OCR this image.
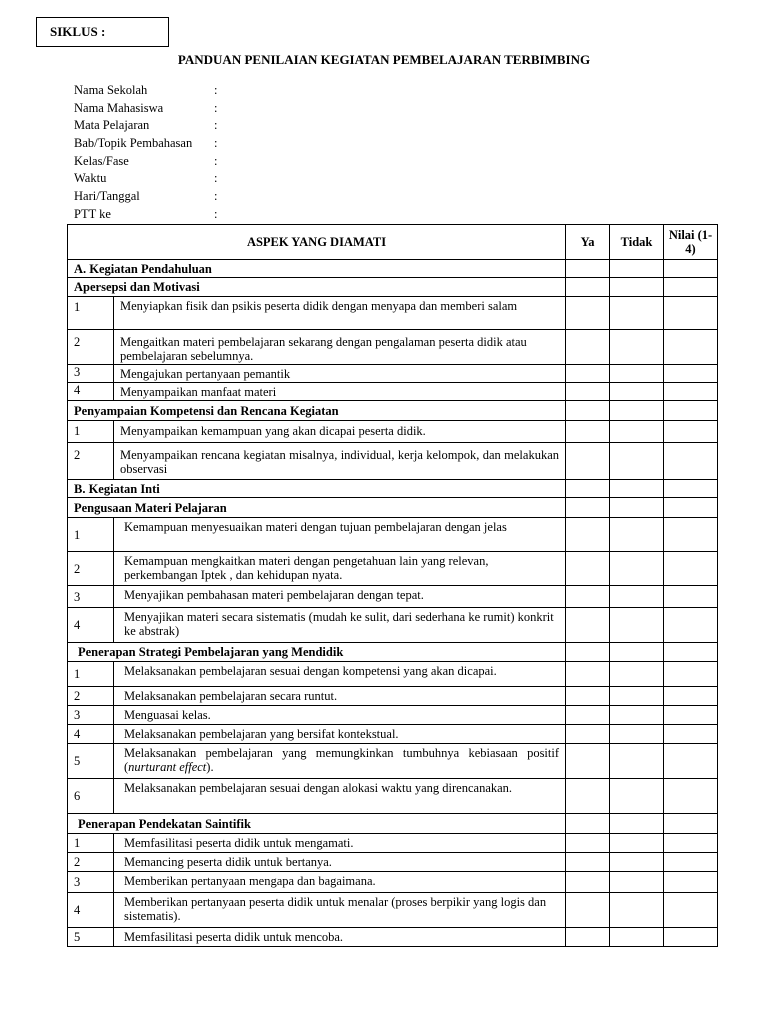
SIKLUS :
PANDUAN PENILAIAN KEGIATAN PEMBELAJARAN TERBIMBING
Nama Sekolah	:
Nama Mahasiswa	:
Mata Pelajaran	:
Bab/Topik Pembahasan :
Kelas/Fase	:
Waktu	:
Hari/Tanggal	:
PTT ke	:
ASPEK YANG DIAMATI		Ya	Tidak	Nilai (1-4)
A. Kegiatan Pendahuluan				
Apersepsi dan Motivasi				
1	Menyiapkan fisik dan psikis peserta didik dengan menyapa dan memberi salam			
2	Mengaitkan materi pembelajaran sekarang dengan pengalaman peserta didik atau pembelajaran sebelumnya.			
3	Mengajukan pertanyaan pemantik			
4	Menyampaikan manfaat materi			
Penyampaian Kompetensi dan Rencana Kegiatan				
1	Menyampaikan kemampuan yang akan dicapai peserta didik.			
2	Menyampaikan rencana kegiatan misalnya, individual, kerja kelompok, dan melakukan observasi			
B. Kegiatan Inti				
Pengusaan Materi Pelajaran				
1	Kemampuan menyesuaikan materi dengan tujuan pembelajaran dengan jelas			
2	Kemampuan mengkaitkan materi dengan pengetahuan lain yang relevan, perkembangan Iptek , dan kehidupan nyata.			
3	Menyajikan pembahasan materi pembelajaran dengan tepat.			
4	Menyajikan materi secara sistematis (mudah ke sulit, dari sederhana ke rumit) konkrit ke abstrak)			
Penerapan Strategi Pembelajaran yang Mendidik				
1	Melaksanakan pembelajaran sesuai dengan kompetensi yang akan dicapai.			
2	Melaksanakan pembelajaran secara runtut.			
3	Menguasai kelas.			
4	Melaksanakan pembelajaran yang bersifat kontekstual.			
5	Melaksanakan pembelajaran yang memungkinkan tumbuhnya kebiasaan positif (nurturant effect).			
6	Melaksanakan pembelajaran sesuai dengan alokasi waktu yang direncanakan.			
Penerapan Pendekatan Saintifik				
1	Memfasilitasi peserta didik untuk mengamati.			
2	Memancing peserta didik untuk bertanya.			
3	Memberikan pertanyaan mengapa dan bagaimana.			
4	Memberikan pertanyaan peserta didik untuk menalar (proses berpikir yang logis dan sistematis).			
5	Memfasilitasi peserta didik untuk mencoba.			
